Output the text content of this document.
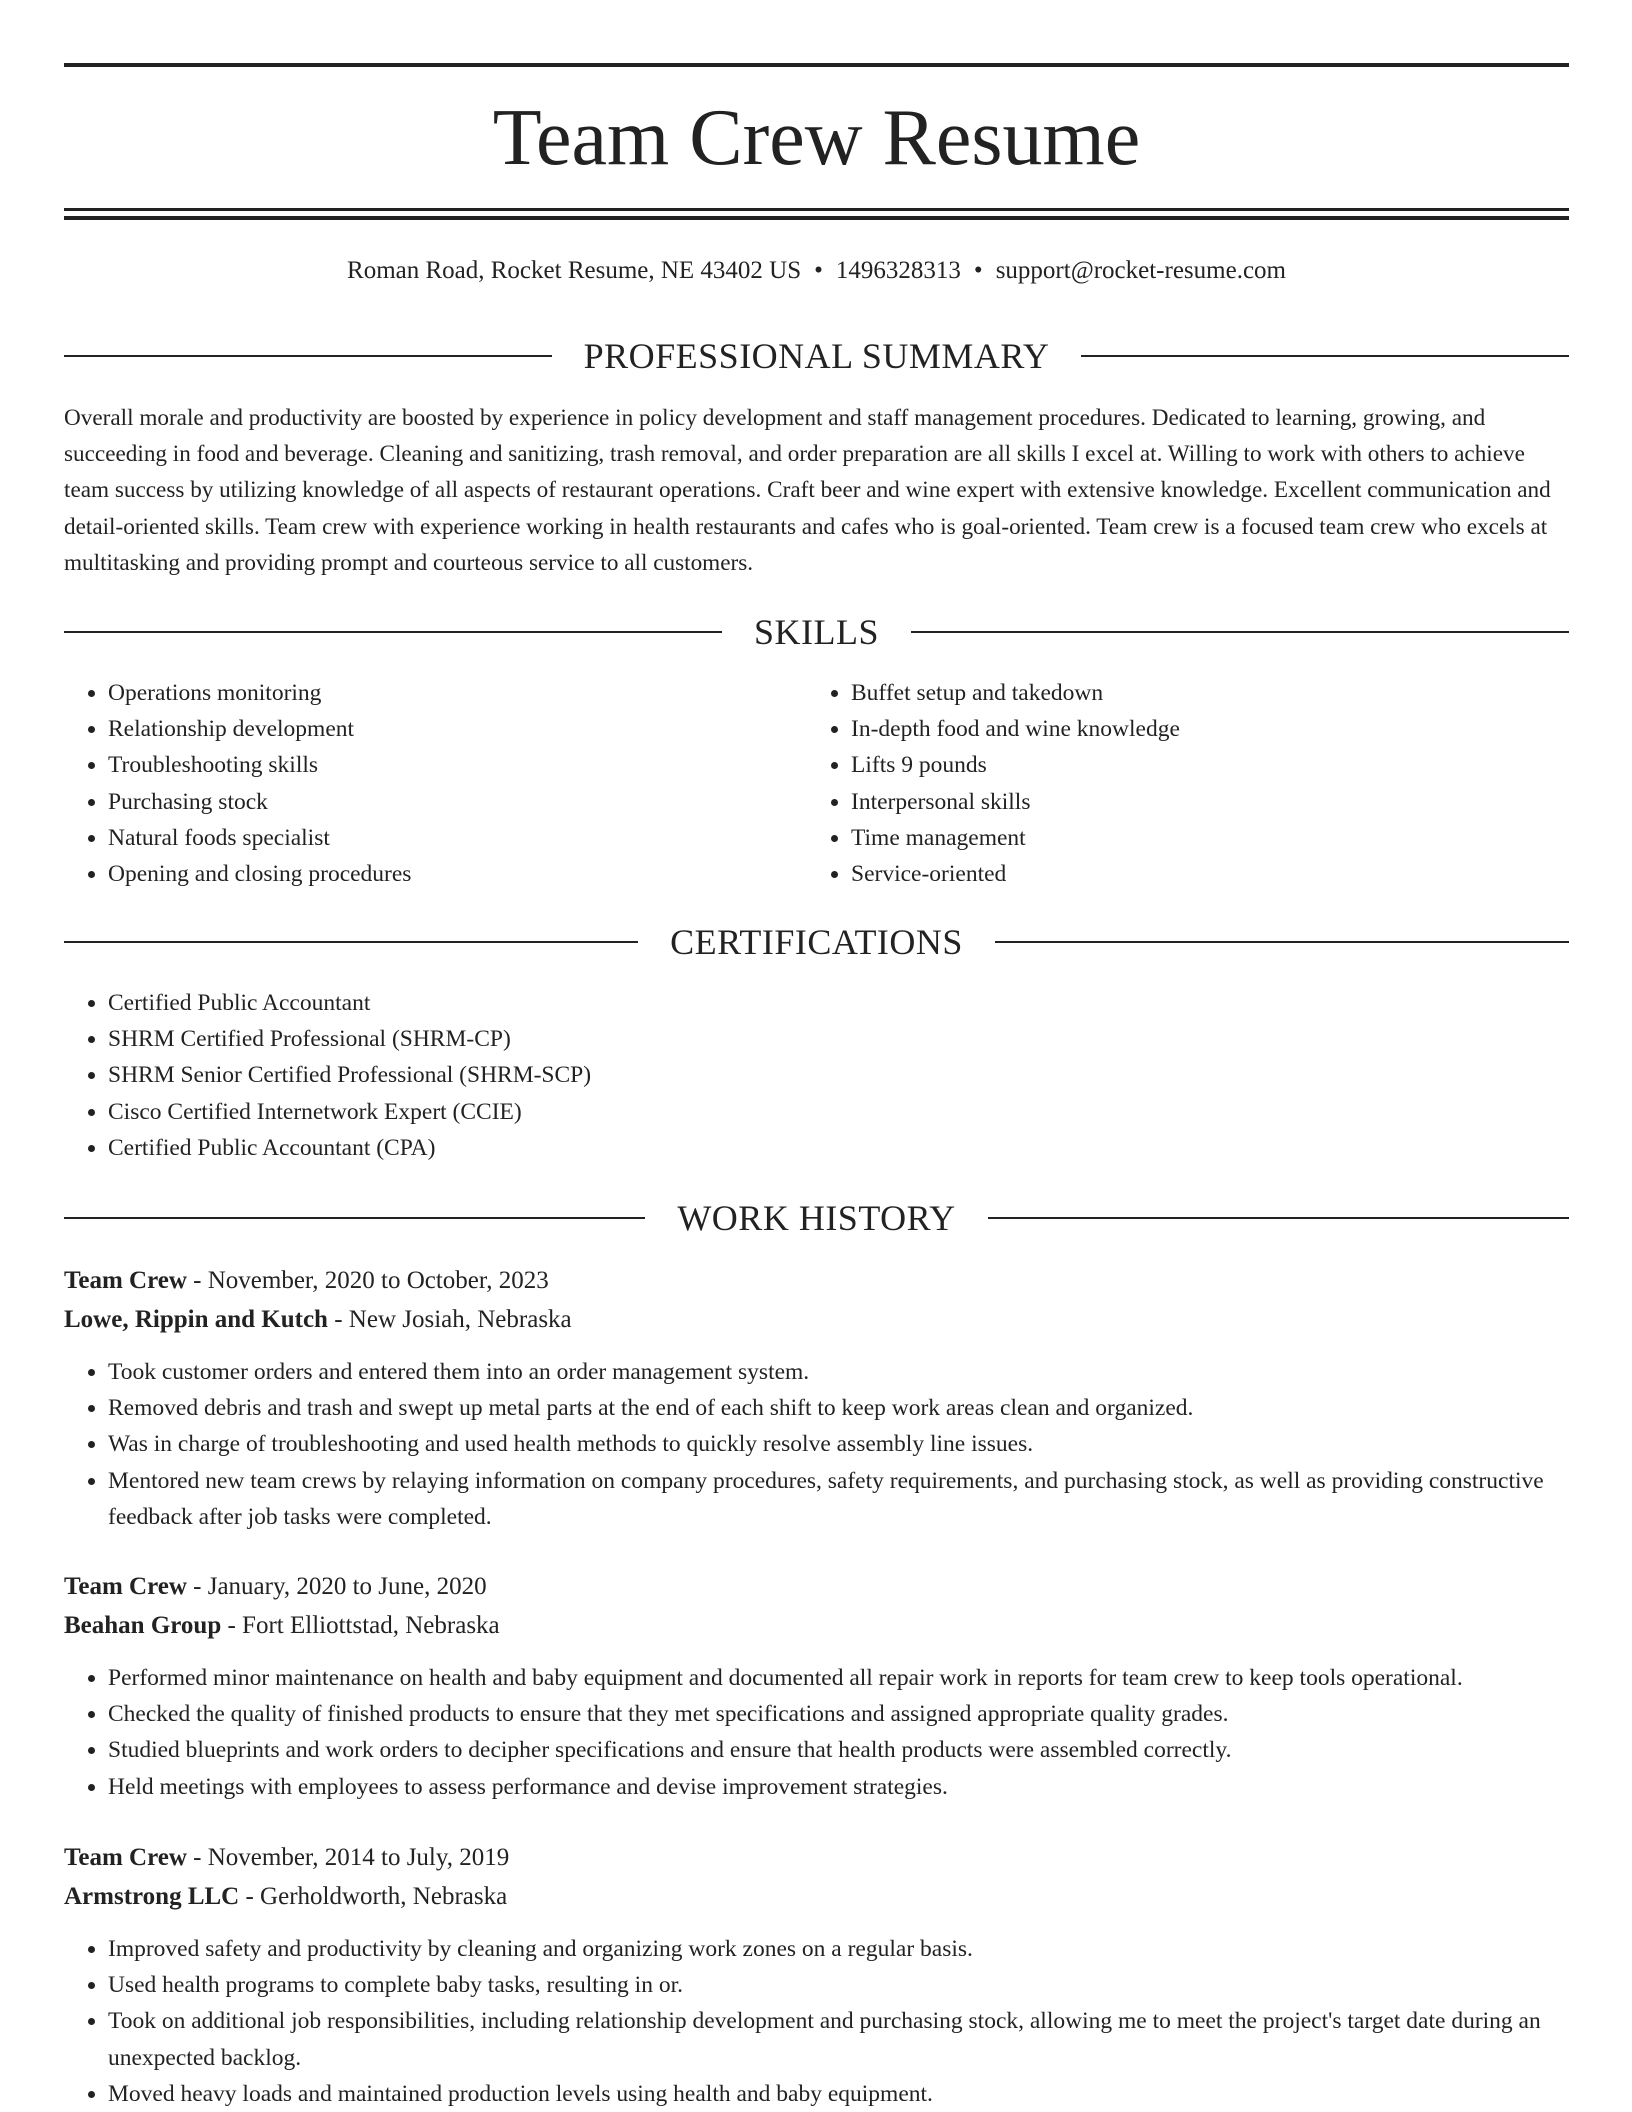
Team Crew Resume
Roman Road, Rocket Resume, NE 43402 US • 1496328313 • support@rocket-resume.com
PROFESSIONAL SUMMARY

Overall morale and productivity are boosted by experience in policy development and staff management procedures. Dedicated to learning, growing, and succeeding in food and beverage. Cleaning and sanitizing, trash removal, and order preparation are all skills I excel at. Willing to work with others to achieve team success by utilizing knowledge of all aspects of restaurant operations. Craft beer and wine expert with extensive knowledge. Excellent communication and detail-oriented skills. Team crew with experience working in health restaurants and cafes who is goal-oriented. Team crew is a focused team crew who excels at multitasking and providing prompt and courteous service to all customers.

SKILLS
• Operations monitoring
• Relationship development
• Troubleshooting skills
• Purchasing stock
• Natural foods specialist
• Opening and closing procedures
• Buffet setup and takedown
• In-depth food and wine knowledge
• Lifts 9 pounds
• Interpersonal skills
• Time management
• Service-oriented
CERTIFICATIONS
• Certified Public Accountant
• SHRM Certified Professional (SHRM-CP)
• SHRM Senior Certified Professional (SHRM-SCP)
• Cisco Certified Internetwork Expert (CCIE)
• Certified Public Accountant (CPA)
WORK HISTORY
Team Crew - November, 2020 to October, 2023
Lowe, Rippin and Kutch - New Josiah, Nebraska
• Took customer orders and entered them into an order management system.
• Removed debris and trash and swept up metal parts at the end of each shift to keep work areas clean and organized.
• Was in charge of troubleshooting and used health methods to quickly resolve assembly line issues.
• Mentored new team crews by relaying information on company procedures, safety requirements, and purchasing stock, as well as providing constructive feedback after job tasks were completed.
Team Crew - January, 2020 to June, 2020
Beahan Group - Fort Elliottstad, Nebraska
• Performed minor maintenance on health and baby equipment and documented all repair work in reports for team crew to keep tools operational.
• Checked the quality of finished products to ensure that they met specifications and assigned appropriate quality grades.
• Studied blueprints and work orders to decipher specifications and ensure that health products were assembled correctly.
• Held meetings with employees to assess performance and devise improvement strategies.
Team Crew - November, 2014 to July, 2019
Armstrong LLC - Gerholdworth, Nebraska
• Improved safety and productivity by cleaning and organizing work zones on a regular basis.
• Used health programs to complete baby tasks, resulting in or.
• Took on additional job responsibilities, including relationship development and purchasing stock, allowing me to meet the project's target date during an unexpected backlog.
• Moved heavy loads and maintained production levels using health and baby equipment.
